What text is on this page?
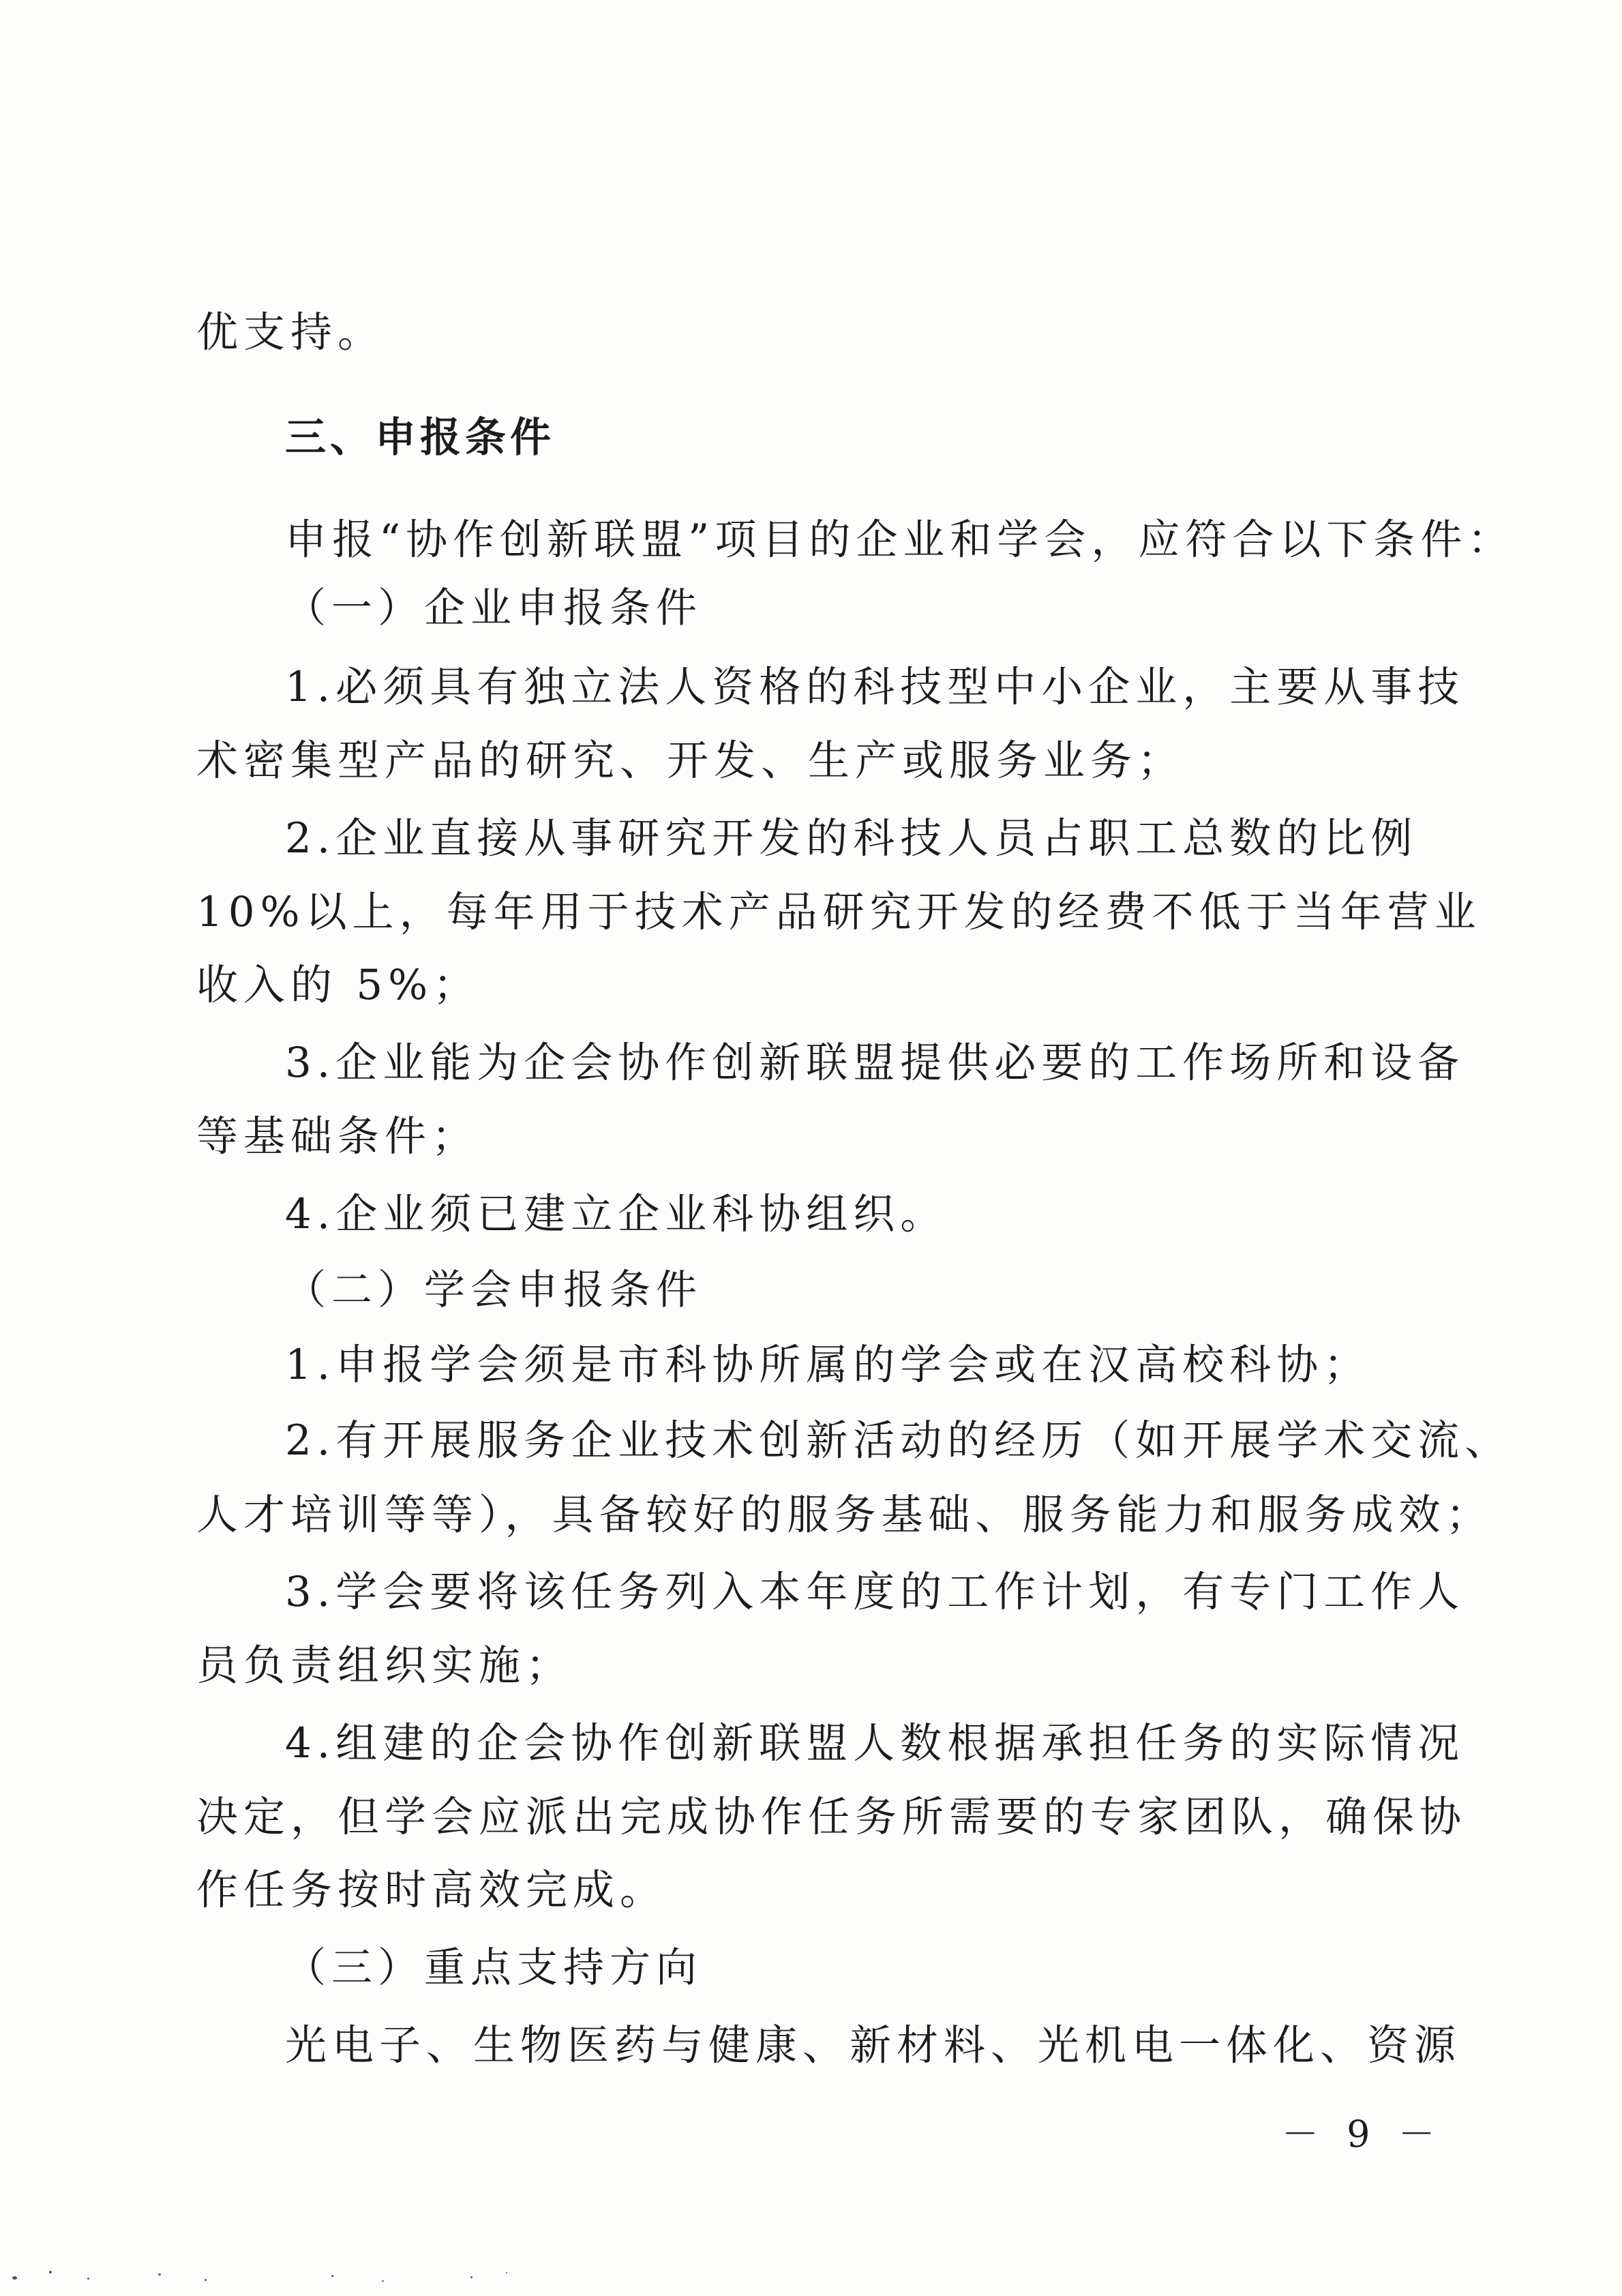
优支持。
三、申报条件
申报“协作创新联盟”项目的企业和学会，应符合以下条件：
（一）企业申报条件
1.必须具有独立法人资格的科技型中小企业，主要从事技
术密集型产品的研究、开发、生产或服务业务；
2.企业直接从事研究开发的科技人员占职工总数的比例
10%以上，每年用于技术产品研究开发的经费不低于当年营业
收入的 5%；
3.企业能为企会协作创新联盟提供必要的工作场所和设备
等基础条件；
4.企业须已建立企业科协组织。
（二）学会申报条件
1.申报学会须是市科协所属的学会或在汉高校科协；
2.有开展服务企业技术创新活动的经历（如开展学术交流、
人才培训等等），具备较好的服务基础、服务能力和服务成效；
3.学会要将该任务列入本年度的工作计划，有专门工作人
员负责组织实施；
4.组建的企会协作创新联盟人数根据承担任务的实际情况
决定，但学会应派出完成协作任务所需要的专家团队，确保协
作任务按时高效完成。
（三）重点支持方向
光电子、生物医药与健康、新材料、光机电一体化、资源
－ 9 －
